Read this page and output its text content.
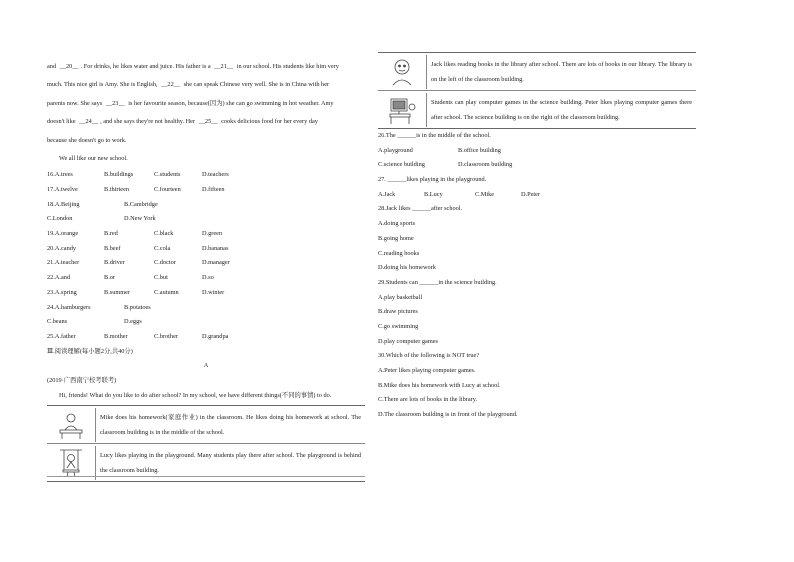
and __20__ . For drinks, he likes water and juice. His father is a __21__ in our school. His students like him very
much. This nice girl is Amy. She is English, __22__ she can speak Chinese very well. She is in China with her
parents now. She says __23__ is her favourite season, because(因为) she can go swimming in hot weather. Amy
doesn't like __24__ , and she says they're not healthy. Her __25__ cooks delicious food for her every day
because she doesn't go to work.
We all like our new school.
16.A.trees	B.buildings	C.students	D.teachers
17.A.twelve	B.thirteen	C.fourteen	D.fifteen
18.A.Beijing	B.Cambridge
C.London	D.New York
19.A.orange	B.red	C.black	D.green
20.A.candy	B.beef	C.cola	D.bananas
21.A.teacher	B.driver	C.doctor	D.manager
22.A.and	B.or	C.but	D.so
23.A.spring	B.summer	C.autumn	D.winter
24.A.hamburgers	B.potatoes
C.beans	D.eggs
25.A.father	B.mother	C.brother	D.grandpa
Ⅲ.阅读理解(每小题2分,共40分)
A
(2019·广西南宁校考联考)
Hi, friends! What do you like to do after school? In my school, we have different things(不同的事情) to do.
Mike does his homework(家庭作业) in the classroom. He likes doing his homework at school. The classroom building is in the middle of the school.
Lucy likes playing in the playground. Many students play there after school. The playground is behind the classroom building.
Jack likes reading books in the library after school. There are lots of books in our library. The library is on the left of the classroom building.
Students can play computer games in the science building. Peter likes playing computer games there after school. The science building is on the right of the classroom building.
26.The ______is in the middle of the school.
A.playground	B.office building
C.science building	D.classroom building
27. ______likes playing in the playground.
A.Jack	B.Lucy	C.Mike	D.Peter
28.Jack likes ______after school.
A.doing sports
B.going home
C.reading books
D.doing his homework
29.Students can ______in the science building.
A.play basketball
B.draw pictures
C.go swimming
D.play computer games
30.Which of the following is NOT true?
A.Peter likes playing computer games.
B.Mike does his homework with Lucy at school.
C.There are lots of books in the library.
D.The classroom building is in front of the playground.
